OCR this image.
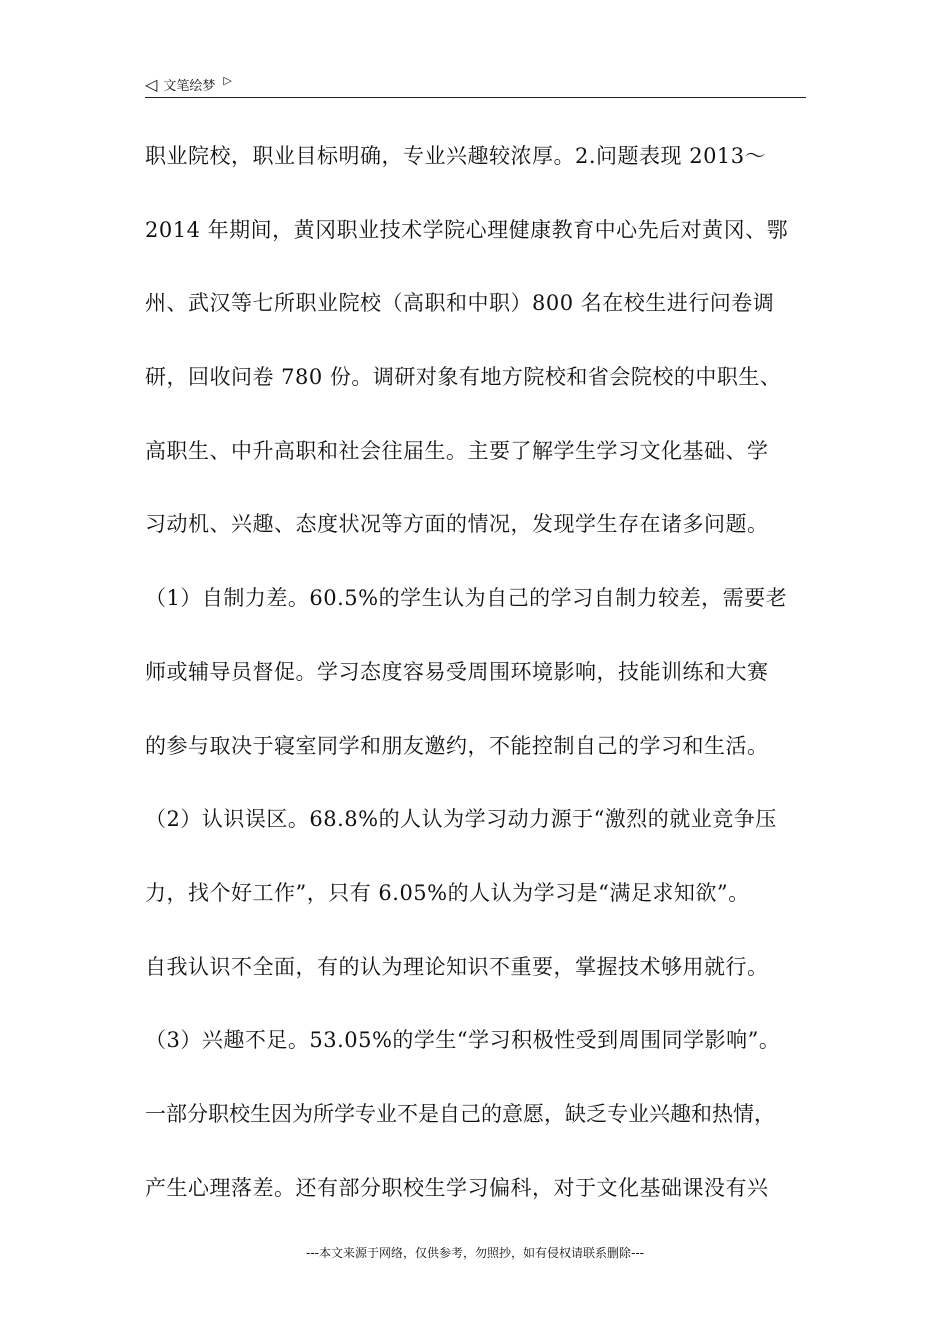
◁ 文笔绘梦 ▷
职业院校，职业目标明确，专业兴趣较浓厚。2.问题表现 2013～
2014 年期间，黄冈职业技术学院心理健康教育中心先后对黄冈、鄂
州、武汉等七所职业院校（高职和中职）800 名在校生进行问卷调
研，回收问卷 780 份。调研对象有地方院校和省会院校的中职生、
高职生、中升高职和社会往届生。主要了解学生学习文化基础、学
习动机、兴趣、态度状况等方面的情况，发现学生存在诸多问题。
（1）自制力差。60.5%的学生认为自己的学习自制力较差，需要老
师或辅导员督促。学习态度容易受周围环境影响，技能训练和大赛
的参与取决于寝室同学和朋友邀约，不能控制自己的学习和生活。
（2）认识误区。68.8%的人认为学习动力源于“激烈的就业竞争压
力，找个好工作”，只有 6.05%的人认为学习是“满足求知欲”。
自我认识不全面，有的认为理论知识不重要，掌握技术够用就行。
（3）兴趣不足。53.05%的学生“学习积极性受到周围同学影响”。
一部分职校生因为所学专业不是自己的意愿，缺乏专业兴趣和热情，
产生心理落差。还有部分职校生学习偏科，对于文化基础课没有兴
---本文来源于网络，仅供参考，勿照抄，如有侵权请联系删除---
